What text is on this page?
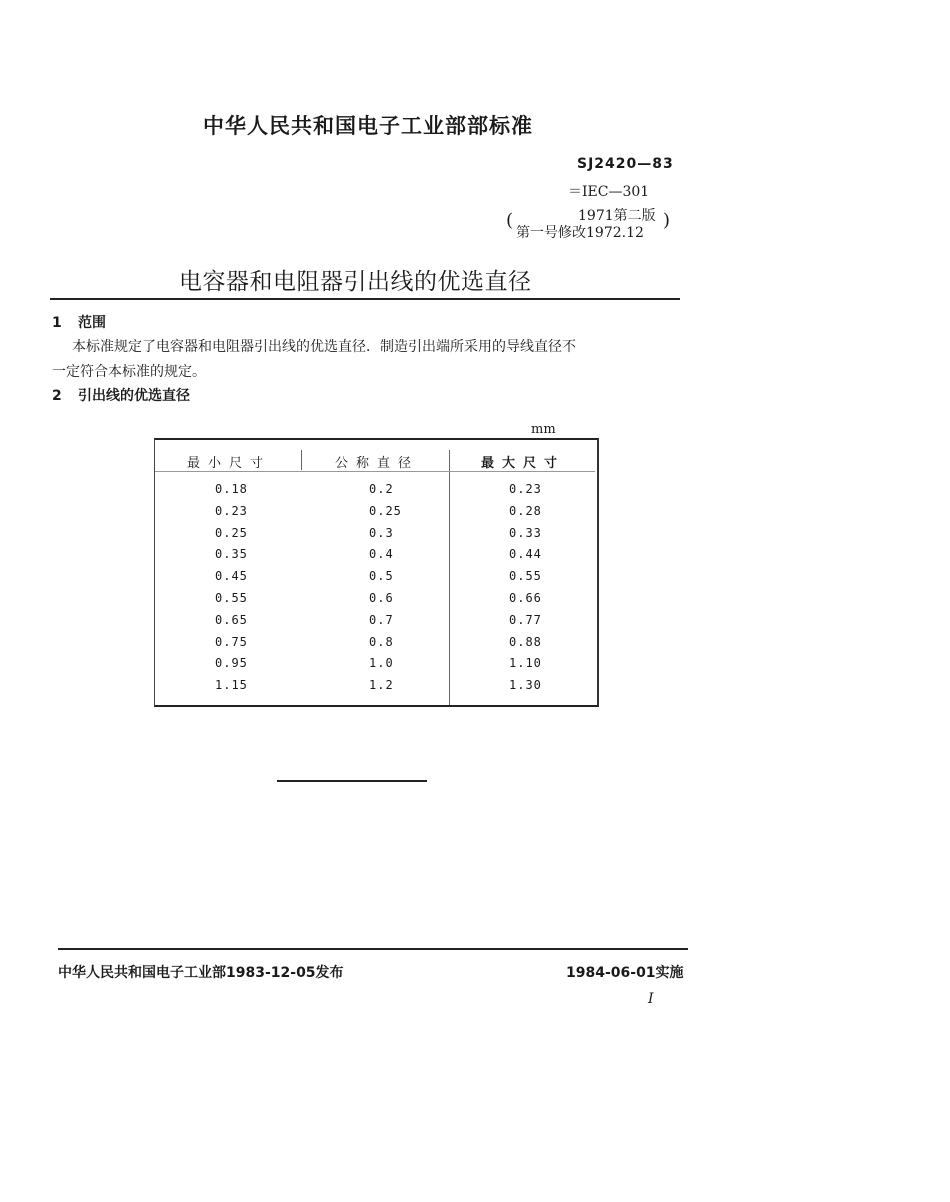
中华人民共和国电子工业部部标准
SJ2420—83
＝IEC—301
(	1971第二版
第一号修改1972.12
)
电容器和电阻器引出线的优选直径
1 范围
本标准规定了电容器和电阻器引出线的优选直径．制造引出端所采用的导线直径不
一定符合本标准的规定。
2 引出线的优选直径
mm
最小尺寸	公称直径	最大尺寸
0.18	0.2	0.23
0.23	0.25	0.28
0.25	0.3	0.33
0.35	0.4	0.44
0.45	0.5	0.55
0.55	0.6	0.66
0.65	0.7	0.77
0.75	0.8	0.88
0.95	1.0	1.10
1.15	1.2	1.30
中华人民共和国电子工业部1983-12-05发布	1984-06-01实施
I
